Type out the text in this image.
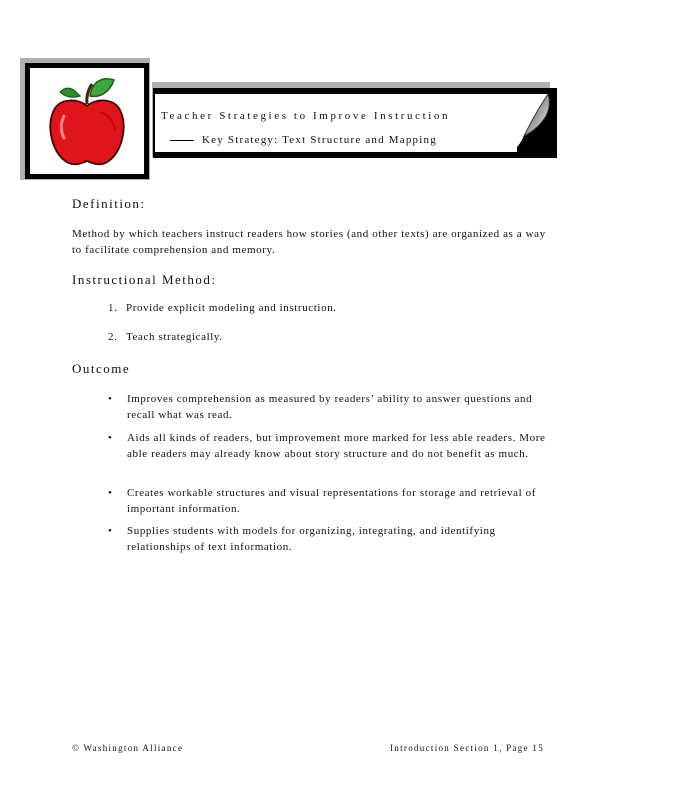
Teacher Strategies to Improve Instruction
Key Strategy: Text Structure and Mapping
Definition:

Method by which teachers instruct readers how stories (and other texts) are organized as a way to facilitate comprehension and memory.

Instructional Method:
1. Provide explicit modeling and instruction.
2. Teach strategically.
Outcome
• Improves comprehension as measured by readers’ ability to answer questions and recall what was read.
• Aids all kinds of readers, but improvement more marked for less able readers. More able readers may already know about story structure and do not benefit as much.
• Creates workable structures and visual representations for storage and retrieval of important information.
• Supplies students with models for organizing, integrating, and identifying relationships of text information.
© Washington Alliance	Introduction Section 1, Page 15
